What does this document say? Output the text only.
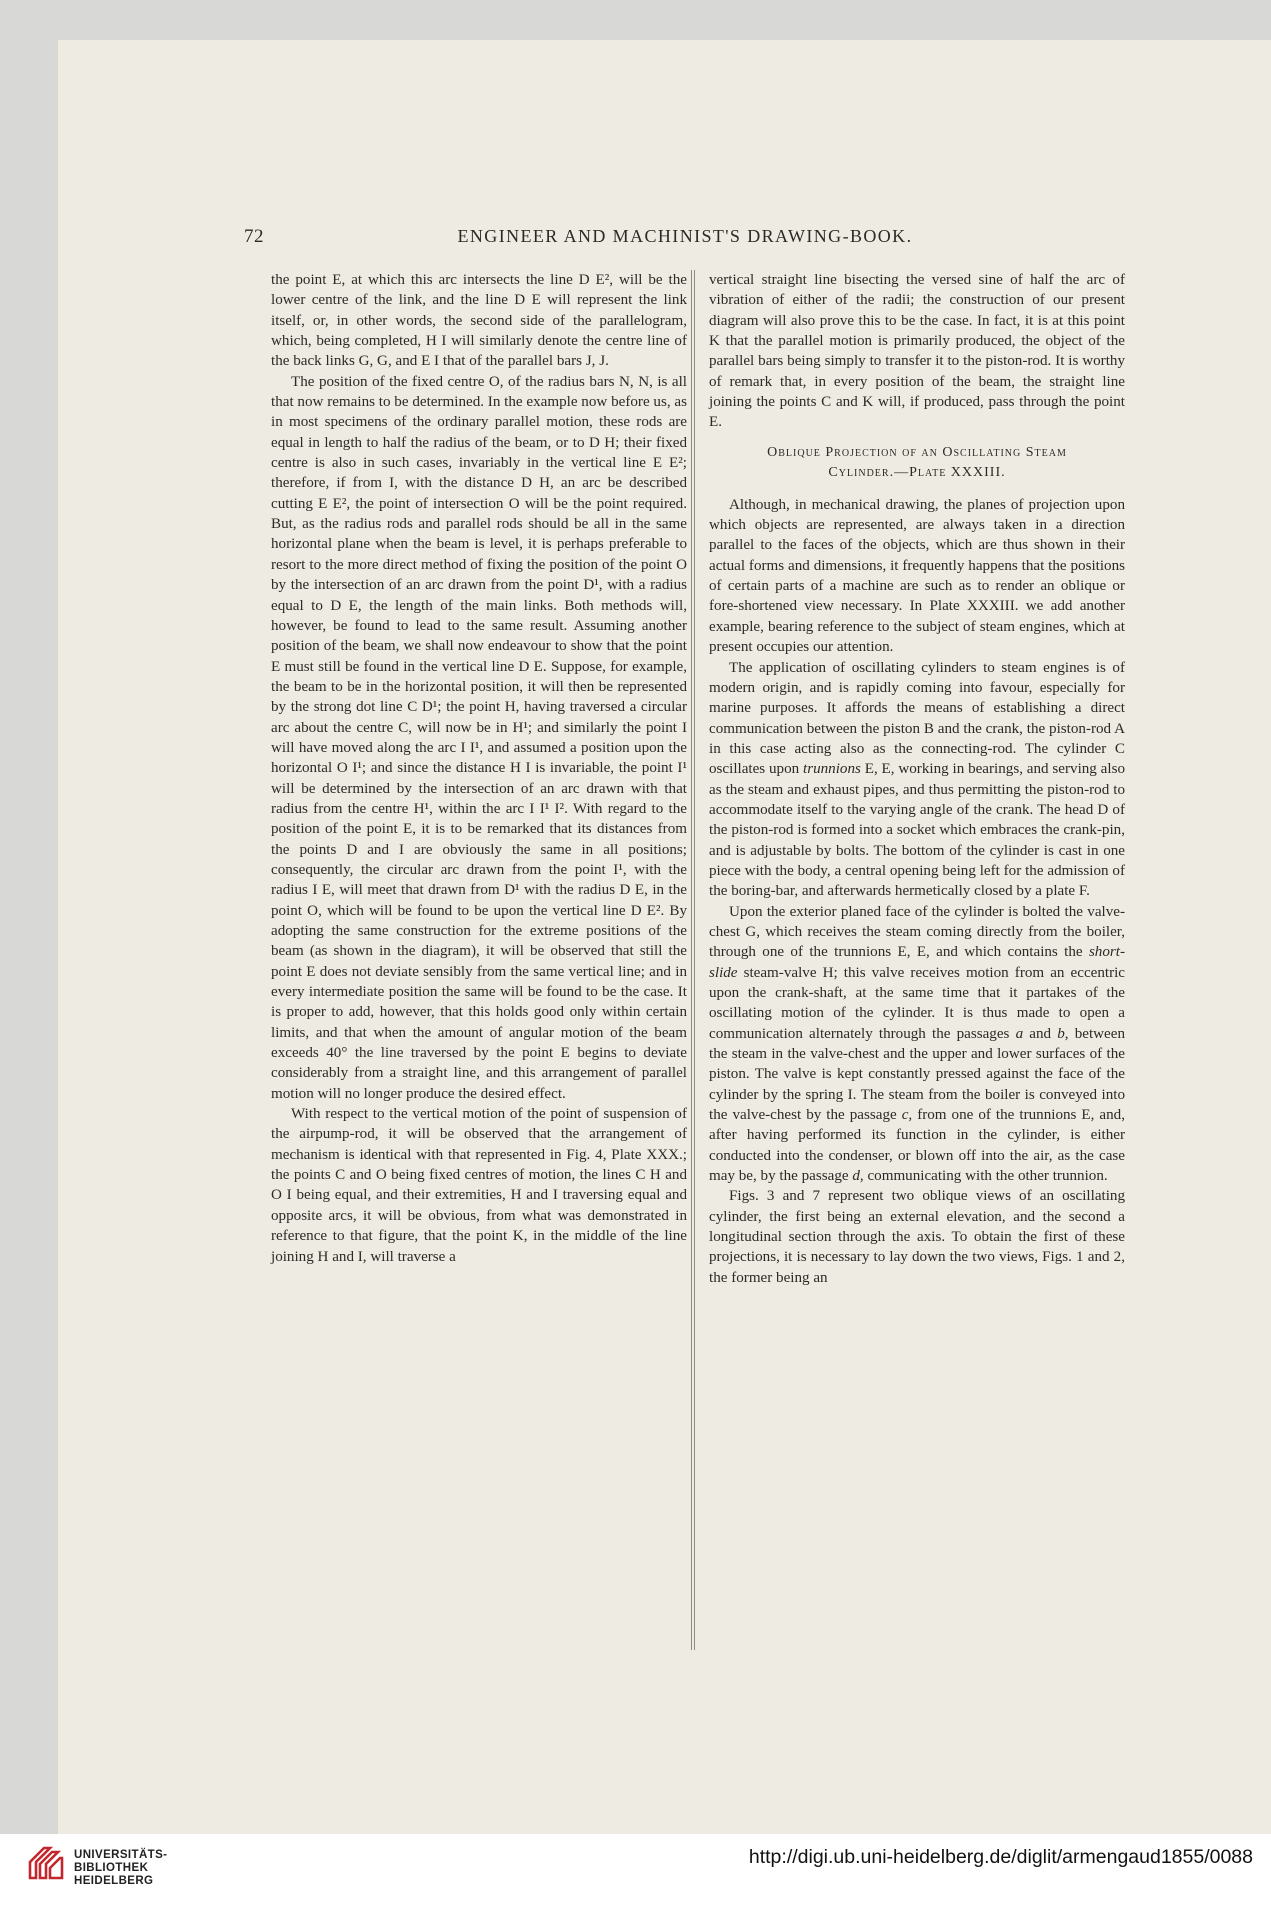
72	ENGINEER AND MACHINIST'S DRAWING-BOOK.

the point E, at which this arc intersects the line D E², will be the lower centre of the link, and the line D E will represent the link itself, or, in other words, the second side of the parallelogram, which, being completed, H I will similarly denote the centre line of the back links G, G, and E I that of the parallel bars J, J.

The position of the fixed centre O, of the radius bars N, N, is all that now remains to be determined. In the example now before us, as in most specimens of the ordinary parallel motion, these rods are equal in length to half the radius of the beam, or to D H; their fixed centre is also in such cases, invariably in the vertical line E E²; therefore, if from I, with the distance D H, an arc be described cutting E E², the point of intersection O will be the point required. But, as the radius rods and parallel rods should be all in the same horizontal plane when the beam is level, it is perhaps preferable to resort to the more direct method of fixing the position of the point O by the intersection of an arc drawn from the point D¹, with a radius equal to D E, the length of the main links. Both methods will, however, be found to lead to the same result. Assuming another position of the beam, we shall now endeavour to show that the point E must still be found in the vertical line D E. Suppose, for example, the beam to be in the horizontal position, it will then be represented by the strong dot line C D¹; the point H, having traversed a circular arc about the centre C, will now be in H¹; and similarly the point I will have moved along the arc I I¹, and assumed a position upon the horizontal O I¹; and since the distance H I is invariable, the point I¹ will be determined by the intersection of an arc drawn with that radius from the centre H¹, within the arc I I¹ I². With regard to the position of the point E, it is to be remarked that its distances from the points D and I are obviously the same in all positions; consequently, the circular arc drawn from the point I¹, with the radius I E, will meet that drawn from D¹ with the radius D E, in the point O, which will be found to be upon the vertical line D E². By adopting the same construction for the extreme positions of the beam (as shown in the diagram), it will be observed that still the point E does not deviate sensibly from the same vertical line; and in every intermediate position the same will be found to be the case. It is proper to add, however, that this holds good only within certain limits, and that when the amount of angular motion of the beam exceeds 40° the line traversed by the point E begins to deviate considerably from a straight line, and this arrangement of parallel motion will no longer produce the desired effect.

With respect to the vertical motion of the point of suspension of the airpump-rod, it will be observed that the arrangement of mechanism is identical with that represented in Fig. 4, Plate XXX.; the points C and O being fixed centres of motion, the lines C H and O I being equal, and their extremities, H and I traversing equal and opposite arcs, it will be obvious, from what was demonstrated in reference to that figure, that the point K, in the middle of the line joining H and I, will traverse a

vertical straight line bisecting the versed sine of half the arc of vibration of either of the radii; the construction of our present diagram will also prove this to be the case. In fact, it is at this point K that the parallel motion is primarily produced, the object of the parallel bars being simply to transfer it to the piston-rod. It is worthy of remark that, in every position of the beam, the straight line joining the points C and K will, if produced, pass through the point E.

Oblique Projection of an Oscillating Steam
Cylinder.—Plate XXXIII.

Although, in mechanical drawing, the planes of projection upon which objects are represented, are always taken in a direction parallel to the faces of the objects, which are thus shown in their actual forms and dimensions, it frequently happens that the positions of certain parts of a machine are such as to render an oblique or fore-shortened view necessary. In Plate XXXIII. we add another example, bearing reference to the subject of steam engines, which at present occupies our attention.

The application of oscillating cylinders to steam engines is of modern origin, and is rapidly coming into favour, especially for marine purposes. It affords the means of establishing a direct communication between the piston B and the crank, the piston-rod A in this case acting also as the connecting-rod. The cylinder C oscillates upon trunnions E, E, working in bearings, and serving also as the steam and exhaust pipes, and thus permitting the piston-rod to accommodate itself to the varying angle of the crank. The head D of the piston-rod is formed into a socket which embraces the crank-pin, and is adjustable by bolts. The bottom of the cylinder is cast in one piece with the body, a central opening being left for the admission of the boring-bar, and afterwards hermetically closed by a plate F.

Upon the exterior planed face of the cylinder is bolted the valve-chest G, which receives the steam coming directly from the boiler, through one of the trunnions E, E, and which contains the short-slide steam-valve H; this valve receives motion from an eccentric upon the crank-shaft, at the same time that it partakes of the oscillating motion of the cylinder. It is thus made to open a communication alternately through the passages a and b, between the steam in the valve-chest and the upper and lower surfaces of the piston. The valve is kept constantly pressed against the face of the cylinder by the spring I. The steam from the boiler is conveyed into the valve-chest by the passage c, from one of the trunnions E, and, after having performed its function in the cylinder, is either conducted into the condenser, or blown off into the air, as the case may be, by the passage d, communicating with the other trunnion.

Figs. 3 and 7 represent two oblique views of an oscillating cylinder, the first being an external elevation, and the second a longitudinal section through the axis. To obtain the first of these projections, it is necessary to lay down the two views, Figs. 1 and 2, the former being an

UNIVERSITÄTS-
BIBLIOTHEK
HEIDELBERG
http://digi.ub.uni-heidelberg.de/diglit/armengaud1855/0088
